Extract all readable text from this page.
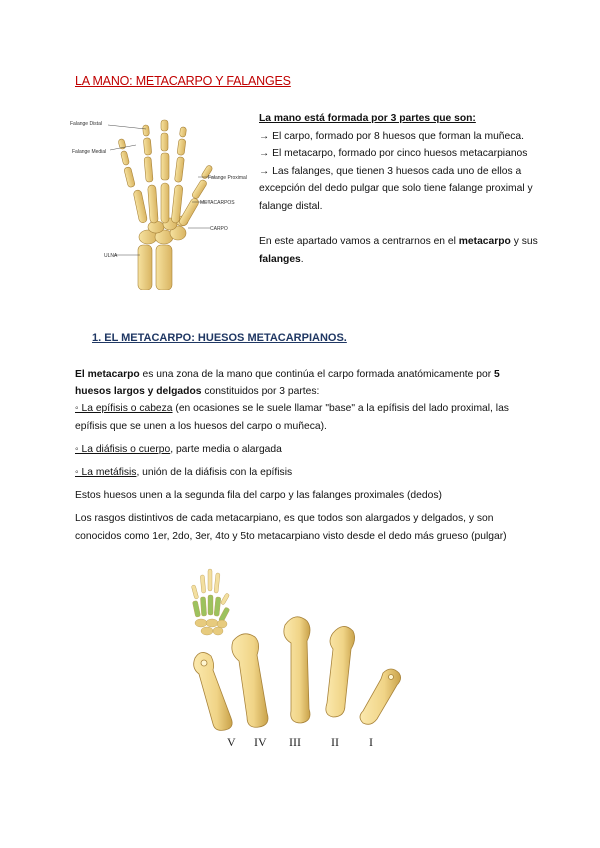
LA MANO: METACARPO Y FALANGES
Falange Distal
Falange Medial
Falange Proximal
METACARPOS
CARPO
ULNA

La mano está formada por 3 partes que son:

→ El carpo, formado por 8 huesos que forman la muñeca.

→ El metacarpo, formado por cinco huesos metacarpianos

→ Las falanges, que tienen 3 huesos cada uno de ellos a excepción del dedo pulgar que solo tiene falange proximal y falange distal.

En este apartado vamos a centrarnos en el metacarpo y sus falanges.

1. EL METACARPO: HUESOS METACARPIANOS.

El metacarpo es una zona de la mano que continúa el carpo formada anatómicamente por 5 huesos largos y delgados constituidos por 3 partes:

◦ La epífisis o cabeza (en ocasiones se le suele llamar "base" a la epífisis del lado proximal, las epífisis que se unen a los huesos del carpo o muñeca).

◦ La diáfisis o cuerpo, parte media o alargada

◦ La metáfisis, unión de la diáfisis con la epífisis

Estos huesos unen a la segunda fila del carpo y las falanges proximales (dedos)

Los rasgos distintivos de cada metacarpiano, es que todos son alargados y delgados, y son conocidos como 1er, 2do, 3er, 4to y 5to metacarpiano visto desde el dedo más grueso (pulgar)

V IV III	II	I
